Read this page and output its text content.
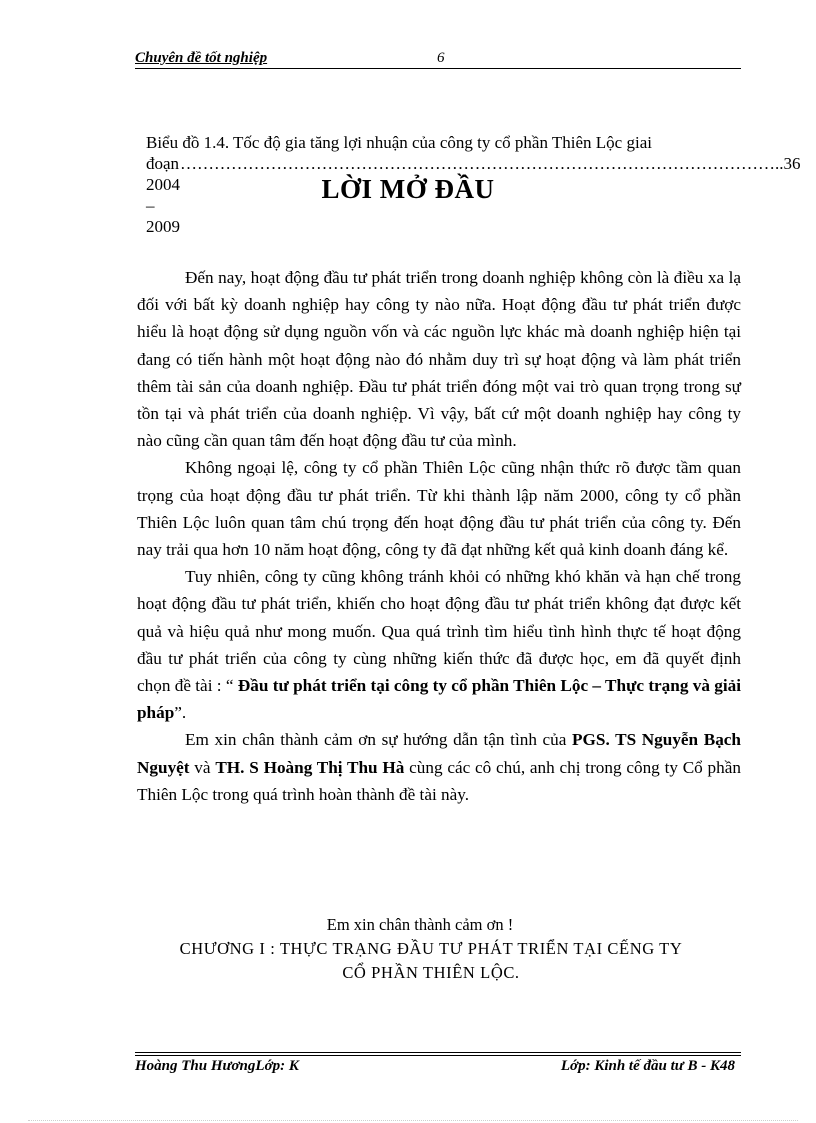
Chuyên đề tốt nghiệp	6
Biểu đồ 1.4. Tốc độ gia tăng lợi nhuận của công ty cổ phần Thiên Lộc giai
đoạn 2004 – 2009
…………………………………………………………………………………………… ..36
LỜI MỞ ĐẦU

Đến nay, hoạt động đầu tư phát triển trong doanh nghiệp không còn là điều xa lạ đối với bất kỳ doanh nghiệp hay công ty nào nữa. Hoạt động đầu tư phát triển được hiểu là hoạt động sử dụng nguồn vốn và các nguồn lực khác mà doanh nghiệp hiện tại đang có tiến hành một hoạt động nào đó nhằm duy trì sự hoạt động và làm phát triển thêm tài sản của doanh nghiệp. Đầu tư phát triển đóng một vai trò quan trọng trong sự tồn tại và phát triển của doanh nghiệp. Vì vậy, bất cứ một doanh nghiệp hay công ty nào cũng cần quan tâm đến hoạt động đầu tư của mình.

Không ngoại lệ, công ty cổ phần Thiên Lộc cũng nhận thức rõ được tầm quan trọng của hoạt động đầu tư phát triển. Từ khi thành lập năm 2000, công ty cổ phần Thiên Lộc luôn quan tâm chú trọng đến hoạt động đầu tư phát triển của công ty. Đến nay trải qua hơn 10 năm hoạt động, công ty đã đạt những kết quả kinh doanh đáng kể.

Tuy nhiên, công ty cũng không tránh khỏi có những khó khăn và hạn chế trong hoạt động đầu tư phát triển, khiến cho hoạt động đầu tư phát triển không đạt được kết quả và hiệu quả như mong muốn. Qua quá trình tìm hiểu tình hình thực tế hoạt động đầu tư phát triển của công ty cùng những kiến thức đã được học, em đã quyết định chọn đề tài : “ Đầu tư phát triển tại công ty cổ phần Thiên Lộc – Thực trạng và giải pháp”.

Em xin chân thành cảm ơn sự hướng dẫn tận tình của PGS. TS Nguyễn Bạch Nguyệt và TH. S Hoàng Thị Thu Hà cùng các cô chú, anh chị trong công ty Cổ phần Thiên Lộc trong quá trình hoàn thành đề tài này.

Em xin chân thành cảm ơn !
CHƯƠNG I : THỰC TRẠNG ĐẦU TƯ PHÁT TRIỂN TẠI CẾNG TY
CỔ PHẦN THIÊN LỘC.
Hoàng Thu HươngLớp: K	Lớp: Kinh tế đầu tư B - K48
